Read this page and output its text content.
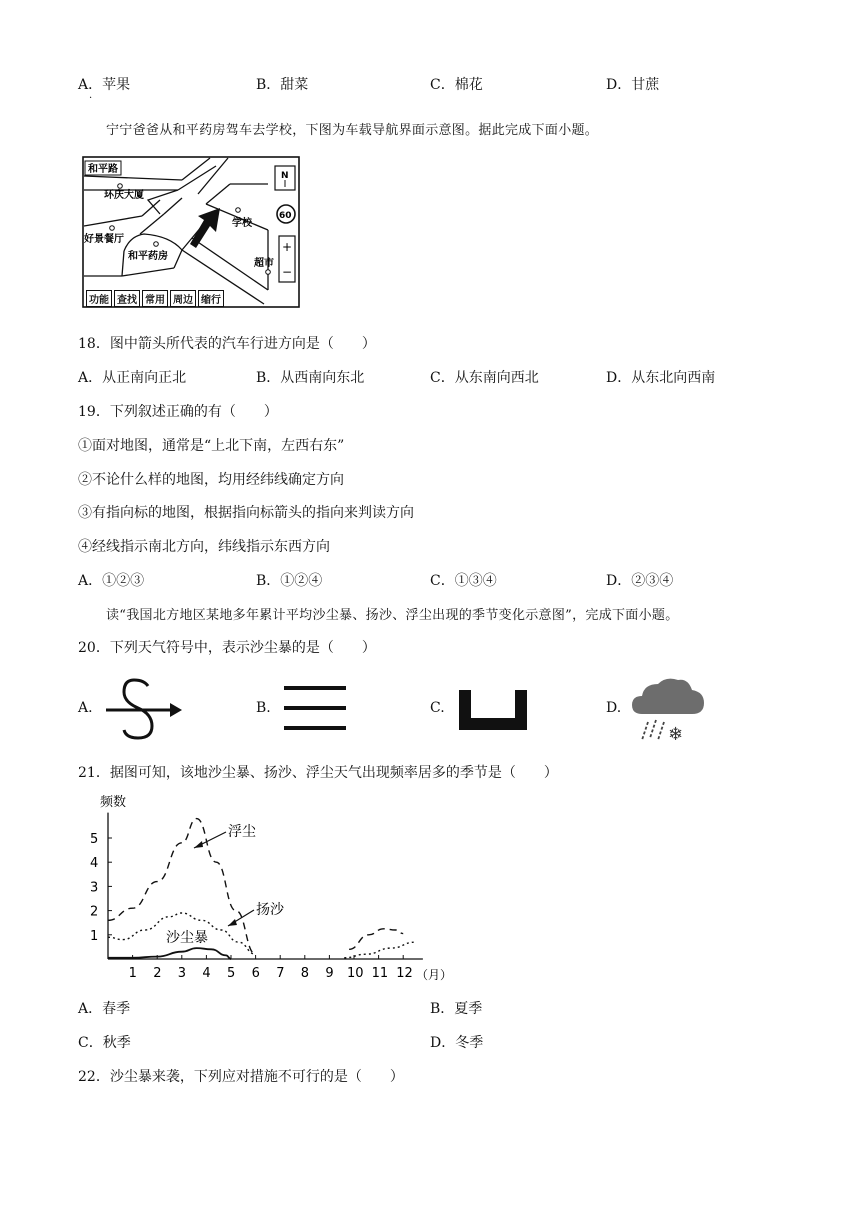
A．苹果	B．甜菜	C．棉花	D．甘蔗
.
宁宁爸爸从和平药房驾车去学校，下图为车载导航界面示意图。据此完成下面小题。
和平路
环庆大厦
好景餐厅
和平药房
学校
超市
N
60
+
−
功能 查找 常用 周边 缩行
18．图中箭头所代表的汽车行进方向是（　　）
A．从正南向正北	B．从西南向东北	C．从东南向西北	D．从东北向西南
19．下列叙述正确的有（　　）
①面对地图，通常是“上北下南，左西右东”
②不论什么样的地图，均用经纬线确定方向
③有指向标的地图，根据指向标箭头的指向来判读方向
④经线指示南北方向，纬线指示东西方向
A．①②③	B．①②④	C．①③④	D．②③④
读“我国北方地区某地多年累计平均沙尘暴、扬沙、浮尘出现的季节变化示意图”，完成下面小题。
20．下列天气符号中，表示沙尘暴的是（　　）
A.	B.	C.	D.
❄
21．据图可知，该地沙尘暴、扬沙、浮尘天气出现频率居多的季节是（　　）
频数
1 2 3 4 5 6 7 8 9 10 11 12
1
2
3
4
5	浮尘
扬沙
沙尘暴
（月）
A．春季	B．夏季
C．秋季	D．冬季
22．沙尘暴来袭，下列应对措施不可行的是（　　）
